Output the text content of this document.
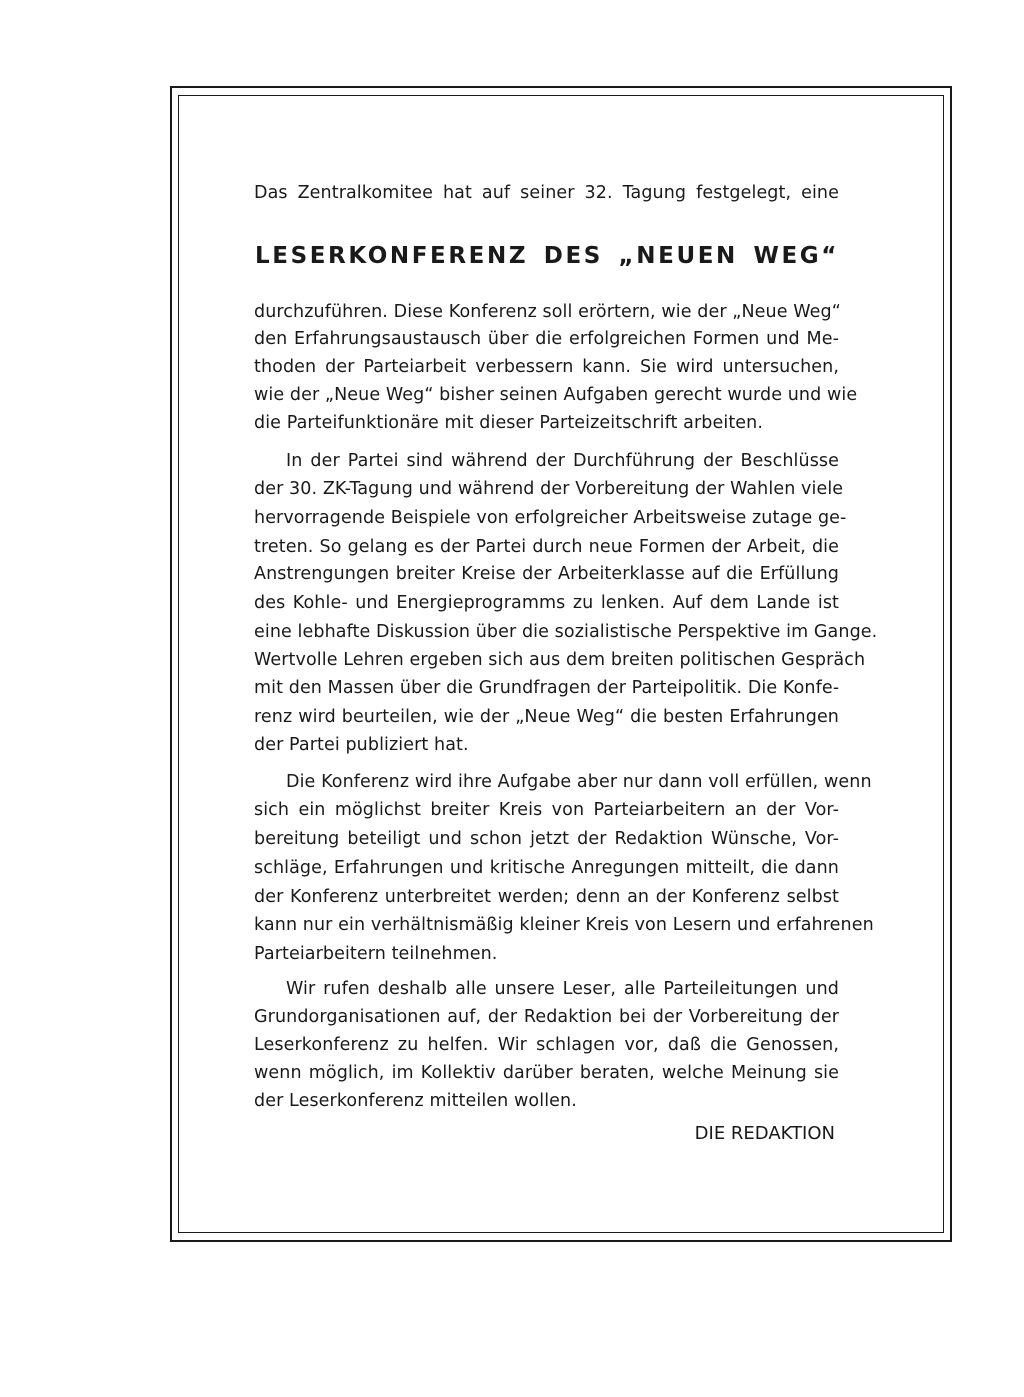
Das Zentralkomitee hat auf seiner 32. Tagung festgelegt, eine
LESERKONFERENZ DES „NEUEN WEG“
durchzuführen. Diese Konferenz soll erörtern, wie der „Neue Weg“
den Erfahrungsaustausch über die erfolgreichen Formen und Me-
thoden der Parteiarbeit verbessern kann. Sie wird untersuchen,
wie der „Neue Weg“ bisher seinen Aufgaben gerecht wurde und wie
die Parteifunktionäre mit dieser Parteizeitschrift arbeiten.
In der Partei sind während der Durchführung der Beschlüsse
der 30. ZK-Tagung und während der Vorbereitung der Wahlen viele
hervorragende Beispiele von erfolgreicher Arbeitsweise zutage ge-
treten. So gelang es der Partei durch neue Formen der Arbeit, die
Anstrengungen breiter Kreise der Arbeiterklasse auf die Erfüllung
des Kohle- und Energieprogramms zu lenken. Auf dem Lande ist
eine lebhafte Diskussion über die sozialistische Perspektive im Gange.
Wertvolle Lehren ergeben sich aus dem breiten politischen Gespräch
mit den Massen über die Grundfragen der Parteipolitik. Die Konfe-
renz wird beurteilen, wie der „Neue Weg“ die besten Erfahrungen
der Partei publiziert hat.
Die Konferenz wird ihre Aufgabe aber nur dann voll erfüllen, wenn
sich ein möglichst breiter Kreis von Parteiarbeitern an der Vor-
bereitung beteiligt und schon jetzt der Redaktion Wünsche, Vor-
schläge, Erfahrungen und kritische Anregungen mitteilt, die dann
der Konferenz unterbreitet werden; denn an der Konferenz selbst
kann nur ein verhältnismäßig kleiner Kreis von Lesern und erfahrenen
Parteiarbeitern teilnehmen.
Wir rufen deshalb alle unsere Leser, alle Parteileitungen und
Grundorganisationen auf, der Redaktion bei der Vorbereitung der
Leserkonferenz zu helfen. Wir schlagen vor, daß die Genossen,
wenn möglich, im Kollektiv darüber beraten, welche Meinung sie
der Leserkonferenz mitteilen wollen.
DIE REDAKTION
